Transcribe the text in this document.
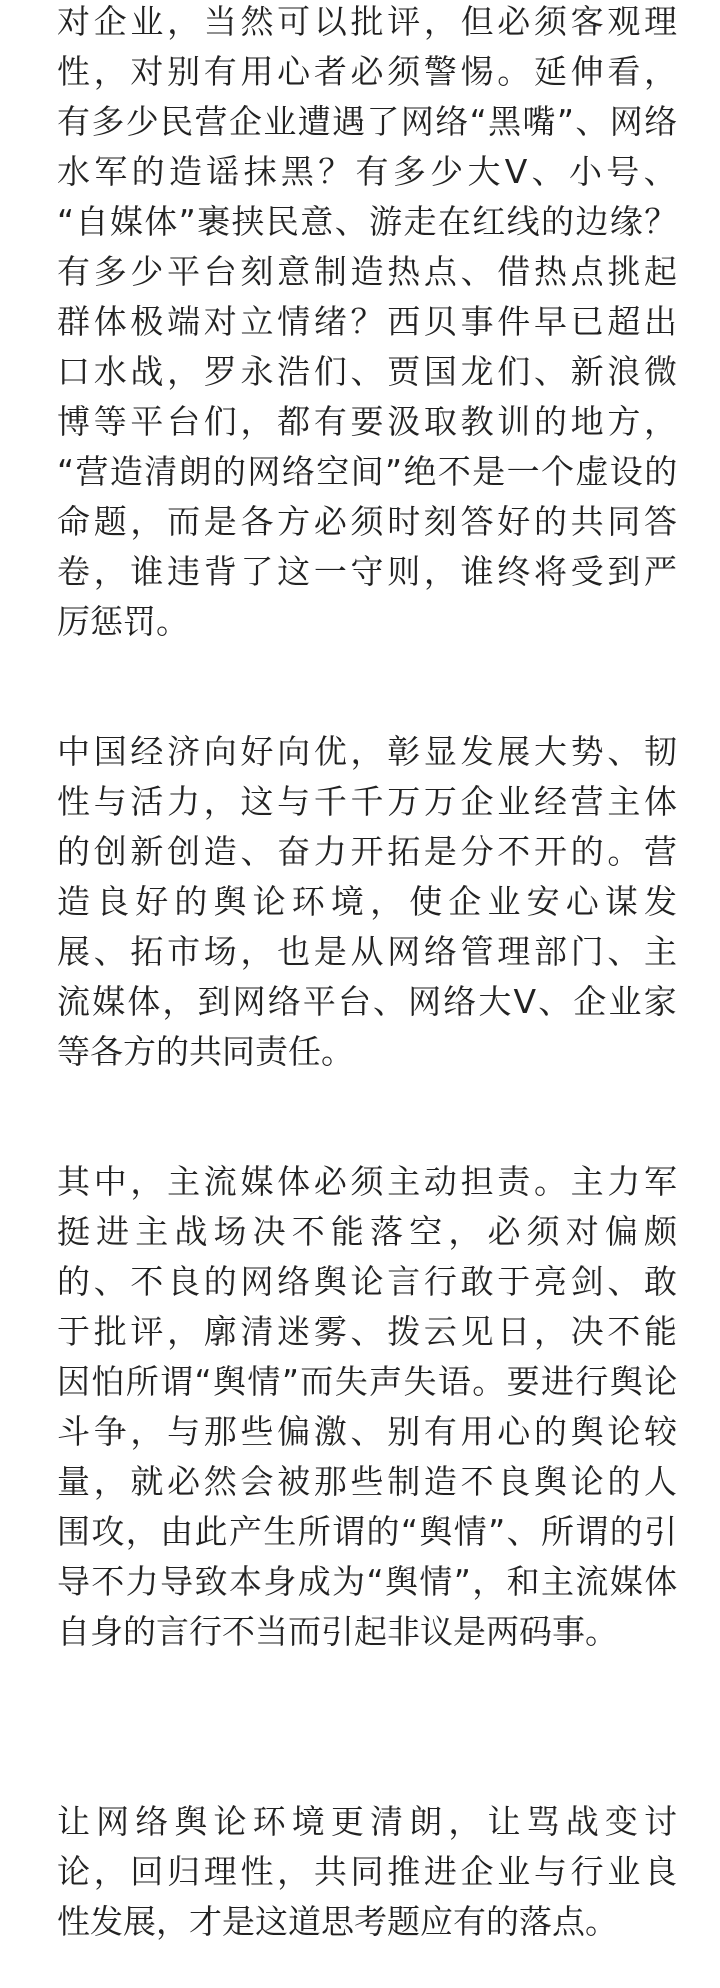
对企业，当然可以批评，但必须客观理
性，对别有用心者必须警惕。延伸看，
有多少民营企业遭遇了网络“黑嘴”、网络
水军的造谣抹黑？有多少大V、小号、
“自媒体”裹挟民意、游走在红线的边缘？
有多少平台刻意制造热点、借热点挑起
群体极端对立情绪？西贝事件早已超出
口水战，罗永浩们、贾国龙们、新浪微
博等平台们，都有要汲取教训的地方，
“营造清朗的网络空间”绝不是一个虚设的
命题，而是各方必须时刻答好的共同答
卷，谁违背了这一守则，谁终将受到严
厉惩罚。
中国经济向好向优，彰显发展大势、韧
性与活力，这与千千万万企业经营主体
的创新创造、奋力开拓是分不开的。营
造良好的舆论环境，使企业安心谋发
展、拓市场，也是从网络管理部门、主
流媒体，到网络平台、网络大V、企业家
等各方的共同责任。
其中，主流媒体必须主动担责。主力军
挺进主战场决不能落空，必须对偏颇
的、不良的网络舆论言行敢于亮剑、敢
于批评，廓清迷雾、拨云见日，决不能
因怕所谓“舆情”而失声失语。要进行舆论
斗争，与那些偏激、别有用心的舆论较
量，就必然会被那些制造不良舆论的人
围攻，由此产生所谓的“舆情”、所谓的引
导不力导致本身成为“舆情”，和主流媒体
自身的言行不当而引起非议是两码事。
让网络舆论环境更清朗，让骂战变讨
论，回归理性，共同推进企业与行业良
性发展，才是这道思考题应有的落点。
